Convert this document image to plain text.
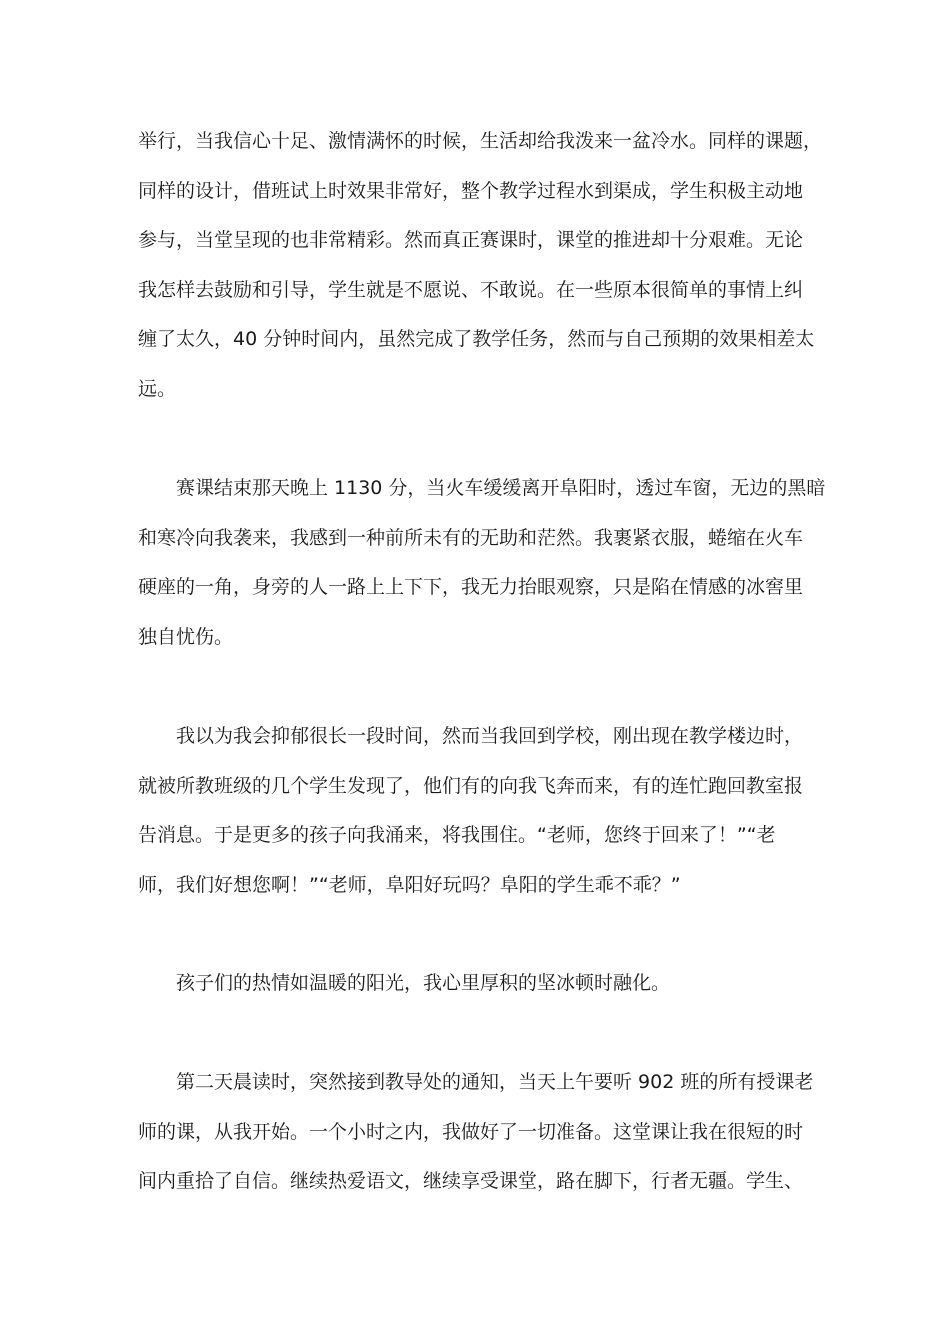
举行，当我信心十足、激情满怀的时候，生活却给我泼来一盆冷水。同样的课题，
同样的设计，借班试上时效果非常好，整个教学过程水到渠成，学生积极主动地
参与，当堂呈现的也非常精彩。然而真正赛课时，课堂的推进却十分艰难。无论
我怎样去鼓励和引导，学生就是不愿说、不敢说。在一些原本很简单的事情上纠
缠了太久，40 分钟时间内，虽然完成了教学任务，然而与自己预期的效果相差太
远。
　　赛课结束那天晚上 1130 分，当火车缓缓离开阜阳时，透过车窗，无边的黑暗
和寒冷向我袭来，我感到一种前所未有的无助和茫然。我裹紧衣服，蜷缩在火车
硬座的一角，身旁的人一路上上下下，我无力抬眼观察，只是陷在情感的冰窖里
独自忧伤。
　　我以为我会抑郁很长一段时间，然而当我回到学校，刚出现在教学楼边时，
就被所教班级的几个学生发现了，他们有的向我飞奔而来，有的连忙跑回教室报
告消息。于是更多的孩子向我涌来，将我围住。“老师，您终于回来了！”“老
师，我们好想您啊！”“老师，阜阳好玩吗？阜阳的学生乖不乖？”
　　孩子们的热情如温暖的阳光，我心里厚积的坚冰顿时融化。
　　第二天晨读时，突然接到教导处的通知，当天上午要听 902 班的所有授课老
师的课，从我开始。一个小时之内，我做好了一切准备。这堂课让我在很短的时
间内重拾了自信。继续热爱语文，继续享受课堂，路在脚下，行者无疆。学生、
